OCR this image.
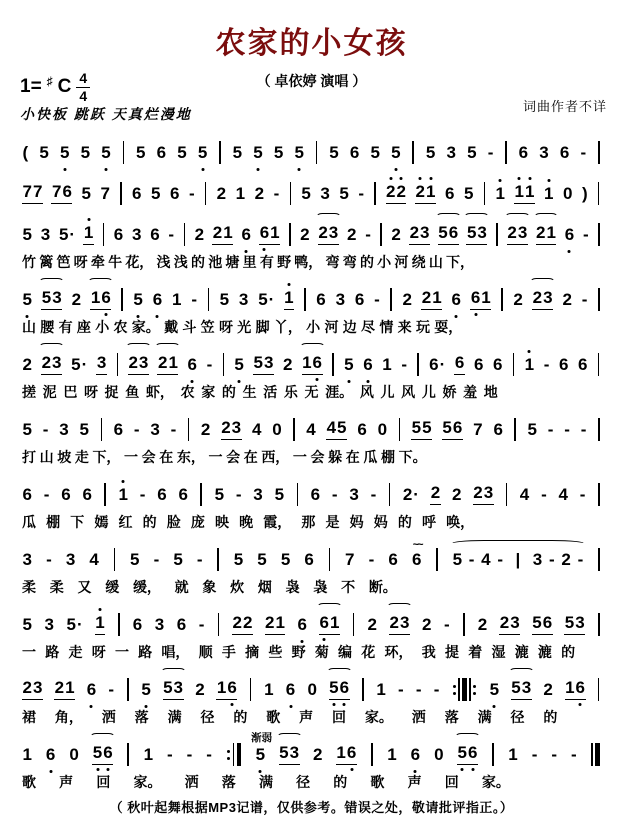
农家的小女孩
（ 卓依婷 演唱 ）
1= ♯ C $\frac{4}{4}$
小快板 跳跃 天真烂漫地	词曲作者不详
( 5 5 5 5 5 6 5 5 5 5 5 5 5 6 5 5 5 3 5 - 6 3 6 -
7 7 7 6 5 7 6 5 6 - 2 1 2 - 5 3 5 - 2 2 2 1 6 5 1 1 1 1 0 )
5 3 5 · 1 6 3 6 - 2 2 1 6 6 1 2 2 3 2 - 2 2 3 5 6 5 3 2 3 2 1 6 -
竹 篱 笆 呀 牵 牛 花， 浅 浅 的 池 塘 里 有 野 鸭， 弯 弯 的 小 河 绕 山 下，
5 5 3 2 1 6 5 6 1 - 5 3 5 · 1 6 3 6 - 2 2 1 6 6 1 2 2 3 2 -
山 腰 有 座 小 农 家。 戴 斗 笠 呀 光 脚 丫， 小 河 边 尽 情 来 玩 耍，
2 2 3 5 · 3 2 3 2 1 6 - 5 5 3 2 1 6 5 6 1 - 6 · 6 6 6 1 - 6 6
搓 泥 巴 呀 捉 鱼 虾， 农 家 的 生 活 乐 无 涯。 风 儿 风 儿 娇 羞 地
5 - 3 5 6 - 3 - 2 2 3 4 0 4 4 5 6 0 5 5 5 6 7 6 5 - - -
打 山 坡 走 下， 一 会 在 东， 一 会 在 西， 一 会 躲 在 瓜 棚 下。
6 - 6 6 1 - 6 6 5 - 3 5 6 - 3 - 2 · 2 2 2 3 4 - 4 -
瓜 棚 下 嫣 红 的 脸 庞 映 晚 霞， 那 是 妈 妈 的 呼 唤，
3 - 3 4 5 - 5 - 5 5 5 6 7 - 6 6
~~
5
-
4
-

|

3
-
2
-
柔 柔 又 缓 缓， 就 象 炊 烟 袅 袅 不 断。
5 3 5 · 1 6 3 6 - 2 2 2 1 6 6 1 2 2 3 2 - 2 2 3 5 6 5 3
一 路 走 呀 一 路 唱， 顺 手 摘 些 野 菊 编 花 环， 我 提 着 湿 漉 漉 的
2 3 2 1 6 - 5 5 3 2 1 6 1 6 0 5 6 1 - - -	5 5 3 2 1 6
裙 角， 洒 落 满 径 的 歌 声 回 家。 洒 落 满 径 的
1 6 0 5 6 1 - - -	5
渐弱
5 3 2 1 6 1 6 0 5 6 1 - - -
歌 声 回 家。 洒 落 满 径 的 歌 声 回 家。
（ 秋叶起舞根据MP3记谱，仅供参考。错误之处，敬请批评指正。）
